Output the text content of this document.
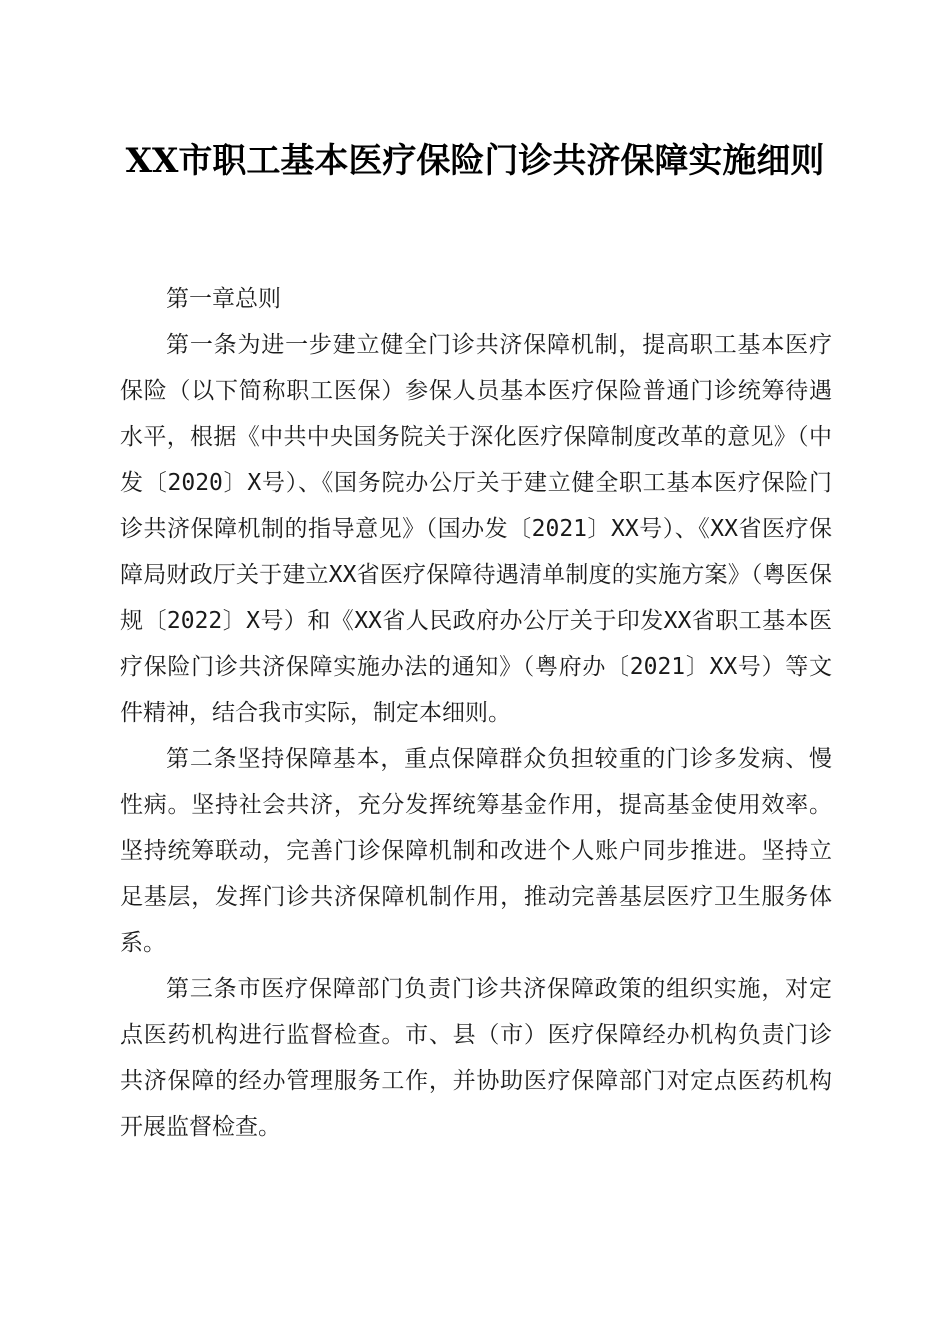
XX市职工基本医疗保险门诊共济保障实施细则

第一章总则

第一条为进一步建立健全门诊共济保障机制，提高职工基本医疗保险（以下简称职工医保）参保人员基本医疗保险普通门诊统筹待遇水平，根据《中共中央国务院关于深化医疗保障制度改革的意见》（中发〔2020〕X号）、《国务院办公厅关于建立健全职工基本医疗保险门诊共济保障机制的指导意见》（国办发〔2021〕XX号）、《XX省医疗保障局财政厅关于建立XX省医疗保障待遇清单制度的实施方案》（粤医保规〔2022〕X号）和《XX省人民政府办公厅关于印发XX省职工基本医疗保险门诊共济保障实施办法的通知》（粤府办〔2021〕XX号）等文件精神，结合我市实际，制定本细则。

第二条坚持保障基本，重点保障群众负担较重的门诊多发病、慢性病。坚持社会共济，充分发挥统筹基金作用，提高基金使用效率。坚持统筹联动，完善门诊保障机制和改进个人账户同步推进。坚持立足基层，发挥门诊共济保障机制作用，推动完善基层医疗卫生服务体系。

第三条市医疗保障部门负责门诊共济保障政策的组织实施，对定点医药机构进行监督检查。市、县（市）医疗保障经办机构负责门诊共济保障的经办管理服务工作，并协助医疗保障部门对定点医药机构开展监督检查。
